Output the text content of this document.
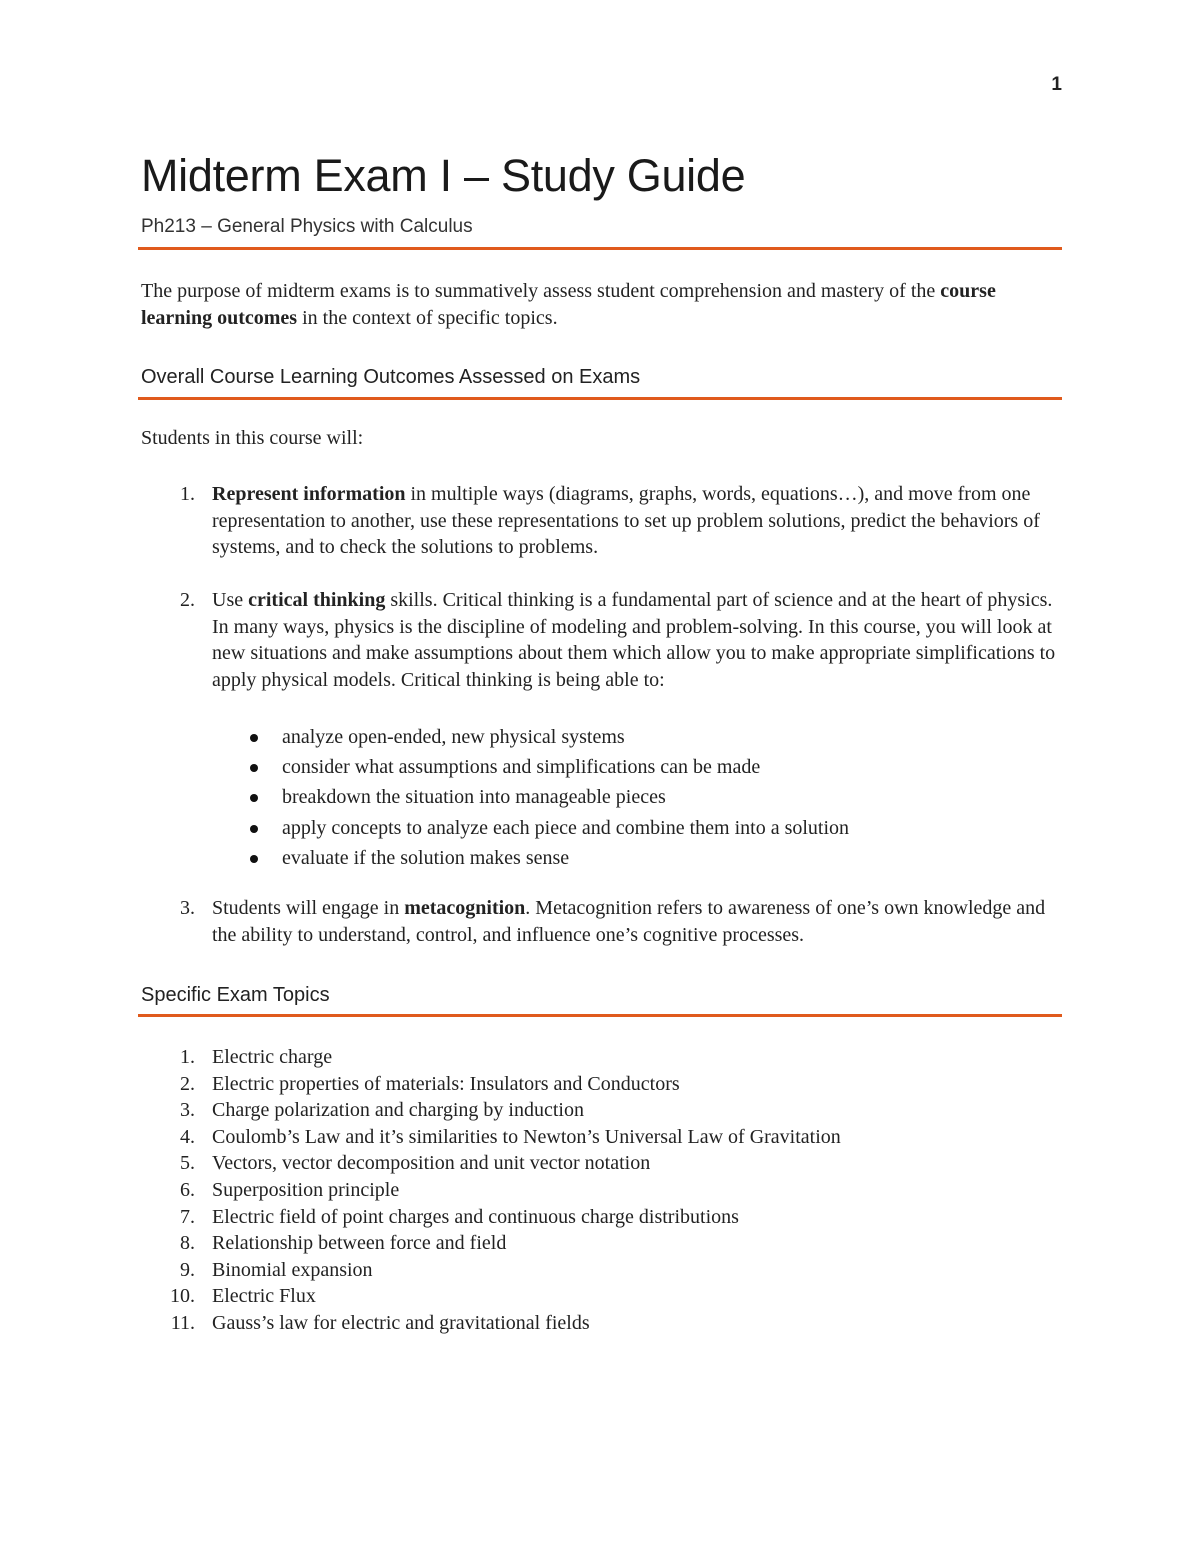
1
Midterm Exam I – Study Guide
Ph213 – General Physics with Calculus
The purpose of midterm exams is to summatively assess student comprehension and mastery of the course learning outcomes in the context of specific topics.
Overall Course Learning Outcomes Assessed on Exams
Students in this course will:
1. Represent information in multiple ways (diagrams, graphs, words, equations…), and move from one representation to another, use these representations to set up problem solutions, predict the behaviors of systems, and to check the solutions to problems.
2. Use critical thinking skills. Critical thinking is a fundamental part of science and at the heart of physics. In many ways, physics is the discipline of modeling and problem-solving. In this course, you will look at new situations and make assumptions about them which allow you to make appropriate simplifications to apply physical models. Critical thinking is being able to:
analyze open-ended, new physical systems
consider what assumptions and simplifications can be made
breakdown the situation into manageable pieces
apply concepts to analyze each piece and combine them into a solution
evaluate if the solution makes sense
3. Students will engage in metacognition. Metacognition refers to awareness of one’s own knowledge and the ability to understand, control, and influence one’s cognitive processes.
Specific Exam Topics
1. Electric charge
2. Electric properties of materials: Insulators and Conductors
3. Charge polarization and charging by induction
4. Coulomb’s Law and it’s similarities to Newton’s Universal Law of Gravitation
5. Vectors, vector decomposition and unit vector notation
6. Superposition principle
7. Electric field of point charges and continuous charge distributions
8. Relationship between force and field
9. Binomial expansion
10. Electric Flux
11. Gauss’s law for electric and gravitational fields
